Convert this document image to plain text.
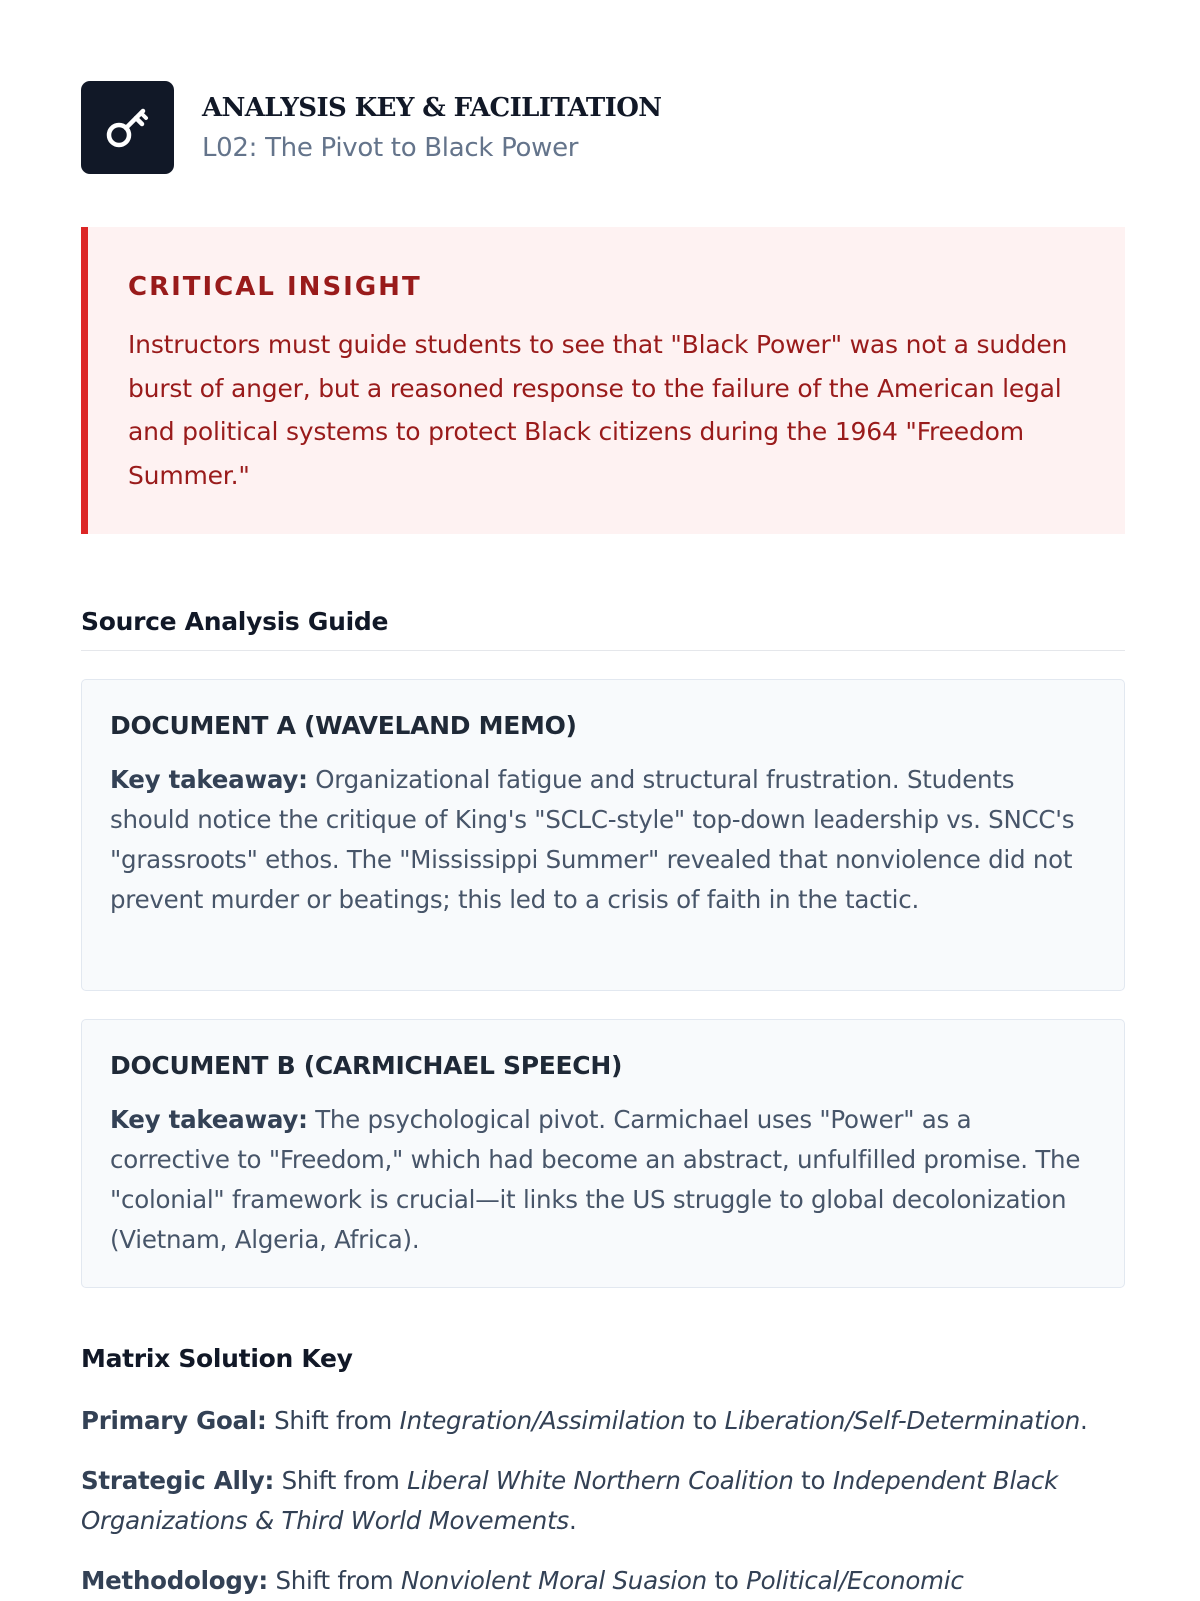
ANALYSIS KEY & FACILITATION
L02: The Pivot to Black Power
CRITICAL INSIGHT
Instructors must guide students to see that "Black Power" was not a sudden burst of anger, but a reasoned response to the failure of the American legal and political systems to protect Black citizens during the 1964 "Freedom Summer."
Source Analysis Guide
DOCUMENT A (WAVELAND MEMO)
Key takeaway: Organizational fatigue and structural frustration. Students should notice the critique of King's "SCLC-style" top-down leadership vs. SNCC's "grassroots" ethos. The "Mississippi Summer" revealed that nonviolence did not prevent murder or beatings; this led to a crisis of faith in the tactic.
DOCUMENT B (CARMICHAEL SPEECH)
Key takeaway: The psychological pivot. Carmichael uses "Power" as a corrective to "Freedom," which had become an abstract, unfulfilled promise. The "colonial" framework is crucial—it links the US struggle to global decolonization (Vietnam, Algeria, Africa).
Matrix Solution Key
Primary Goal: Shift from Integration/Assimilation to Liberation/Self-Determination.
Strategic Ally: Shift from Liberal White Northern Coalition to Independent Black Organizations & Third World Movements.
Methodology: Shift from Nonviolent Moral Suasion to Political/Economic
